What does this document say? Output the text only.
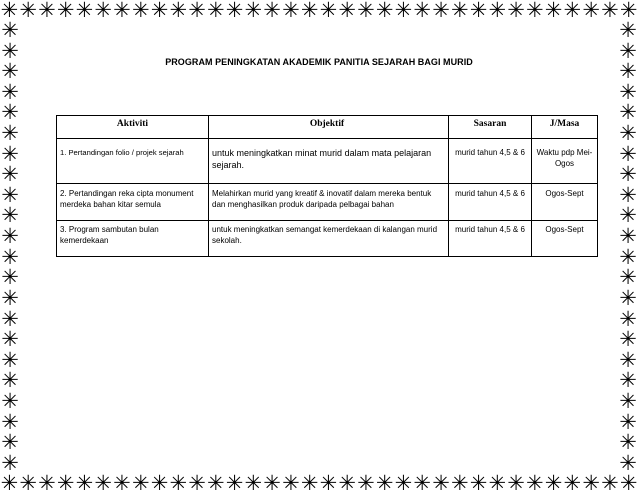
✳ ✳ ✳ ✳ ✳ ✳ ✳ ✳ ✳ ✳ ✳ ✳ ✳ ✳ ✳ ✳ ✳ ✳ ✳ ✳ ✳ ✳ ✳ ✳ ✳ ✳ ✳ ✳ ✳ ✳ ✳ ✳ ✳ ✳
✳ ✳ ✳ ✳ ✳ ✳ ✳ ✳ ✳ ✳ ✳ ✳ ✳ ✳ ✳ ✳ ✳ ✳ ✳ ✳ ✳ ✳ ✳ ✳ ✳ ✳ ✳ ✳ ✳ ✳ ✳ ✳ ✳ ✳
✳
✳
✳
✳
✳
✳
✳
✳
✳
✳
✳
✳
✳
✳
✳
✳
✳
✳
✳
✳
✳
✳
✳
✳
✳
✳
✳
✳
✳
✳
✳
✳
✳
✳
✳
✳
✳
✳
✳
✳
✳
✳
✳
✳
PROGRAM PENINGKATAN AKADEMIK PANITIA SEJARAH BAGI MURID
Aktiviti	Objektif	Sasaran	J/Masa
1. Pertandingan folio / projek sejarah	untuk meningkatkan minat murid dalam mata pelajaran sejarah.	murid tahun 4,5 & 6	Waktu pdp Mei-Ogos
2. Pertandingan reka cipta monument merdeka bahan kitar semula	Melahirkan murid yang kreatif & inovatif dalam mereka bentuk dan menghasilkan produk daripada pelbagai bahan	murid tahun 4,5 & 6	Ogos-Sept
3. Program sambutan bulan kemerdekaan	untuk meningkatkan semangat kemerdekaan di kalangan murid sekolah.	murid tahun 4,5 & 6	Ogos-Sept
